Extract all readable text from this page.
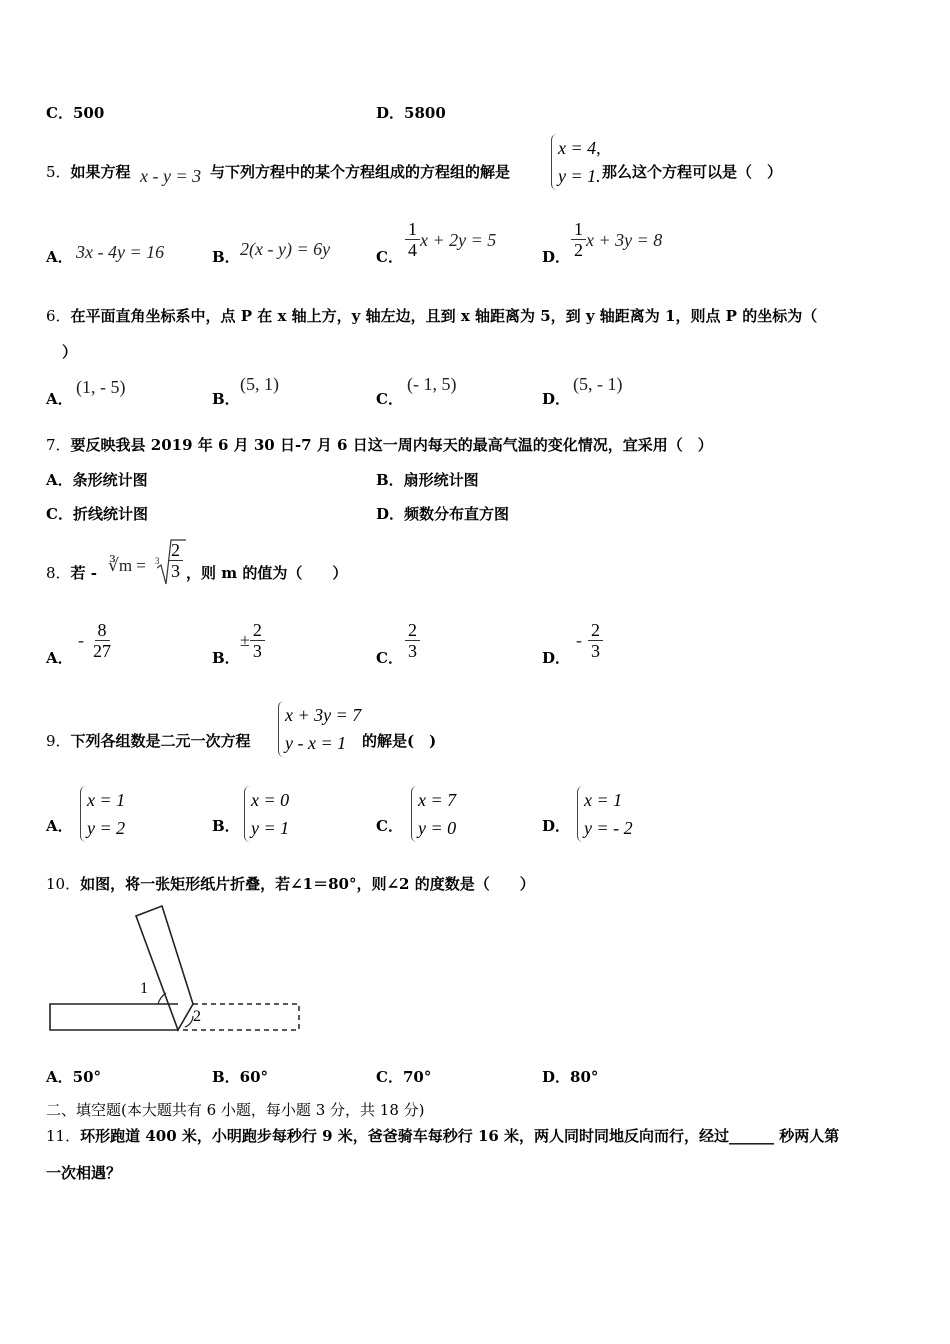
C．500	D．5800
5．如果方程 x - y = 3 与下列方程中的某个方程组成的方程组的解是
x = 4,
y = 1. 那么这个方程可以是（　）
A． 3x - 4y = 16	B． 2(x - y) = 6y	C． $\frac{1}{4}$ x + 2y = 5
D． $\frac{1}{2}$ x + 3y = 8
6．在平面直角坐标系中，点 P 在 x 轴上方，y 轴左边，且到 x 轴距离为 5，到 y 轴距离为 1，则点 P 的坐标为（
）
A．
(1, - 5)
B．
(5, 1)
C．
(- 1, 5)
D．
(5, - 1)
7．要反映我县 2019 年 6 月 30 日-7 月 6 日这一周内每天的最高气温的变化情况，宜采用（　）
A．条形统计图	B．扇形统计图
C．折线统计图	D．频数分布直方图
8．若 - ∛m = $3 \frac{2}{3}$ ，则 m 的值为（　　）
A．
- $\frac{8}{27}$	B．
± $\frac{2}{3}$	C． $\frac{2}{3}$	D．
- $\frac{2}{3}$
9．下列各组数是二元一次方程
x + 3y = 7
y - x = 1	的解是(　)
A．
x = 1
y = 2	B．
x = 0
y = 1	C．
x = 7
y = 0	D．
x = 1
y = - 2
10．如图，将一张矩形纸片折叠，若∠1＝80°，则∠2 的度数是（　　）
1
2
A．50°	B．60°	C．70°	D．80°
二、填空题(本大题共有 6 小题，每小题 3 分，共 18 分)
11．环形跑道 400 米，小明跑步每秒行 9 米，爸爸骑车每秒行 16 米，两人同时同地反向而行，经过______ 秒两人第
一次相遇？
